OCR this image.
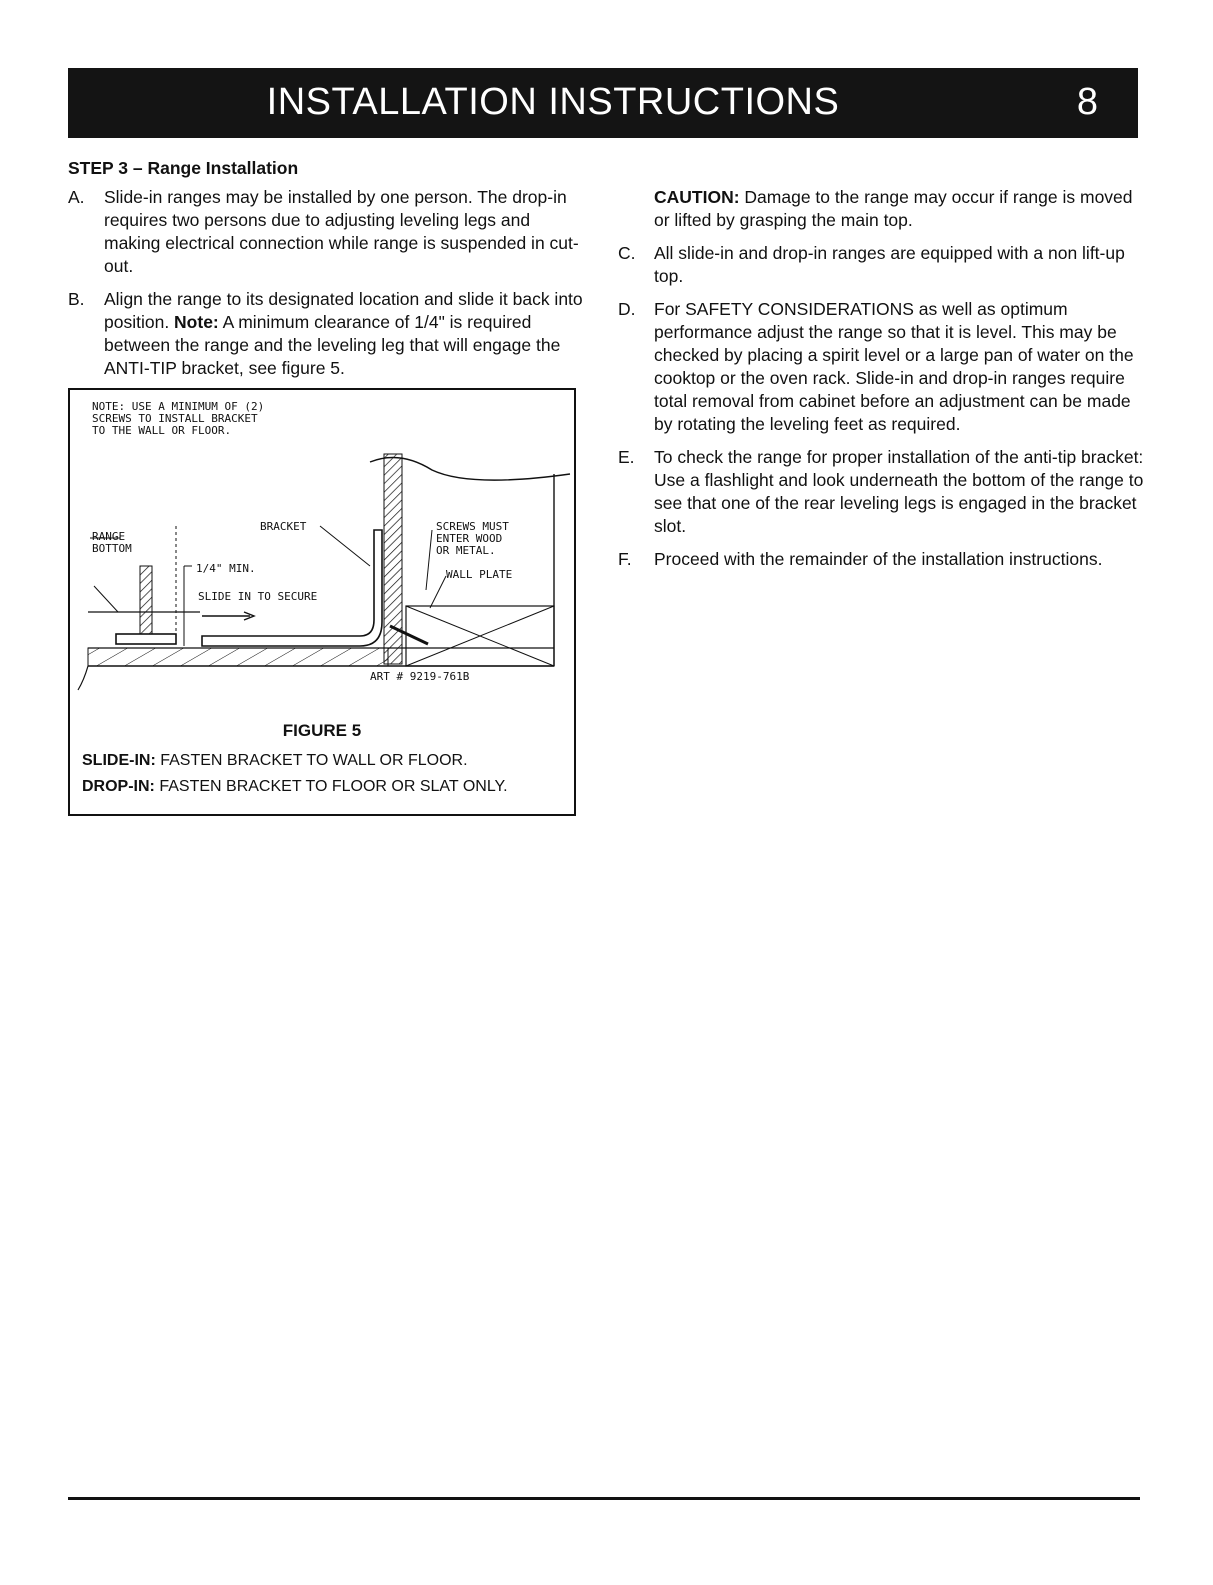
INSTALLATION INSTRUCTIONS	8
STEP 3 – Range Installation
A. Slide-in ranges may be installed by one person. The drop-in requires two persons due to adjusting leveling legs and making electrical connection while range is suspended in cut-out.
B. Align the range to its designated location and slide it back into position. Note: A minimum clearance of 1/4" is required between the range and the leveling leg that will engage the ANTI-TIP bracket, see figure 5.
NOTE: USE A MINIMUM OF (2)
SCREWS TO INSTALL BRACKET
TO THE WALL OR FLOOR.
RANGE
BOTTOM
BRACKET
1/4" MIN.
SLIDE IN TO SECURE
SCREWS MUST
ENTER WOOD
OR METAL.
WALL PLATE
ART # 9219-761B
FIGURE 5
SLIDE-IN: FASTEN BRACKET TO WALL OR FLOOR.
DROP-IN: FASTEN BRACKET TO FLOOR OR SLAT ONLY.
CAUTION: Damage to the range may occur if range is moved or lifted by grasping the main top.
C. All slide-in and drop-in ranges are equipped with a non lift-up top.
D. For SAFETY CONSIDERATIONS as well as optimum performance adjust the range so that it is level. This may be checked by placing a spirit level or a large pan of water on the cooktop or the oven rack. Slide-in and drop-in ranges require total removal from cabinet before an adjustment can be made by rotating the leveling feet as required.
E. To check the range for proper installation of the anti-tip bracket: Use a flashlight and look underneath the bottom of the range to see that one of the rear leveling legs is engaged in the bracket slot.
F. Proceed with the remainder of the installation instructions.
